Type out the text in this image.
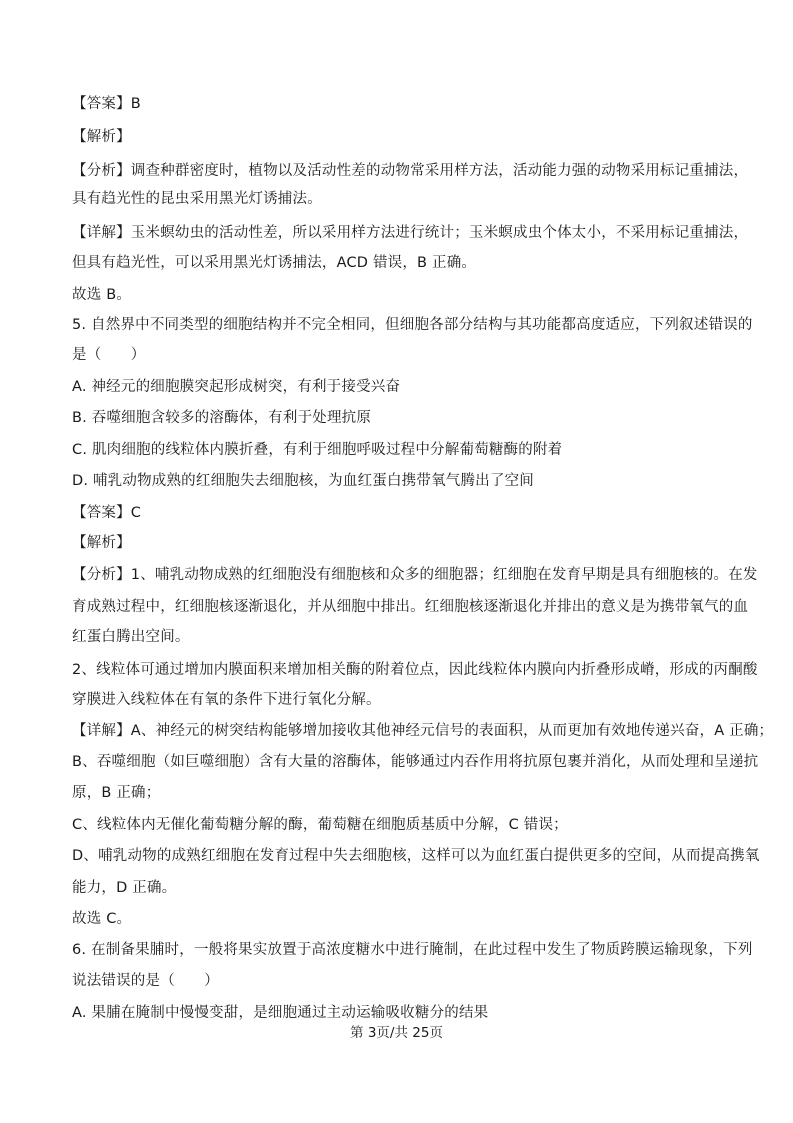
【答案】B
【解析】
【分析】调查种群密度时，植物以及活动性差的动物常采用样方法，活动能力强的动物采用标记重捕法，
具有趋光性的昆虫采用黑光灯诱捕法。
【详解】玉米螟幼虫的活动性差，所以采用样方法进行统计；玉米螟成虫个体太小，不采用标记重捕法，
但具有趋光性，可以采用黑光灯诱捕法，ACD 错误，B 正确。
故选 B。
5. 自然界中不同类型的细胞结构并不完全相同，但细胞各部分结构与其功能都高度适应，下列叙述错误的
是（　　）
A. 神经元的细胞膜突起形成树突，有利于接受兴奋
B. 吞噬细胞含较多的溶酶体，有利于处理抗原
C. 肌肉细胞的线粒体内膜折叠，有利于细胞呼吸过程中分解葡萄糖酶的附着
D. 哺乳动物成熟的红细胞失去细胞核，为血红蛋白携带氧气腾出了空间
【答案】C
【解析】
【分析】1、哺乳动物成熟的红细胞没有细胞核和众多的细胞器；红细胞在发育早期是具有细胞核的。在发
育成熟过程中，红细胞核逐渐退化，并从细胞中排出。红细胞核逐渐退化并排出的意义是为携带氧气的血
红蛋白腾出空间。
2、线粒体可通过增加内膜面积来增加相关酶的附着位点，因此线粒体内膜向内折叠形成嵴，形成的丙酮酸
穿膜进入线粒体在有氧的条件下进行氧化分解。
【详解】A、神经元的树突结构能够增加接收其他神经元信号的表面积，从而更加有效地传递兴奋，A 正确；
B、吞噬细胞（如巨噬细胞）含有大量的溶酶体，能够通过内吞作用将抗原包裹并消化，从而处理和呈递抗
原，B 正确；
C、线粒体内无催化葡萄糖分解的酶，葡萄糖在细胞质基质中分解，C 错误；
D、哺乳动物的成熟红细胞在发育过程中失去细胞核，这样可以为血红蛋白提供更多的空间，从而提高携氧
能力，D 正确。
故选 C。
6. 在制备果脯时，一般将果实放置于高浓度糖水中进行腌制，在此过程中发生了物质跨膜运输现象，下列
说法错误的是（　　）
A. 果脯在腌制中慢慢变甜，是细胞通过主动运输吸收糖分的结果
第 3页/共 25页
